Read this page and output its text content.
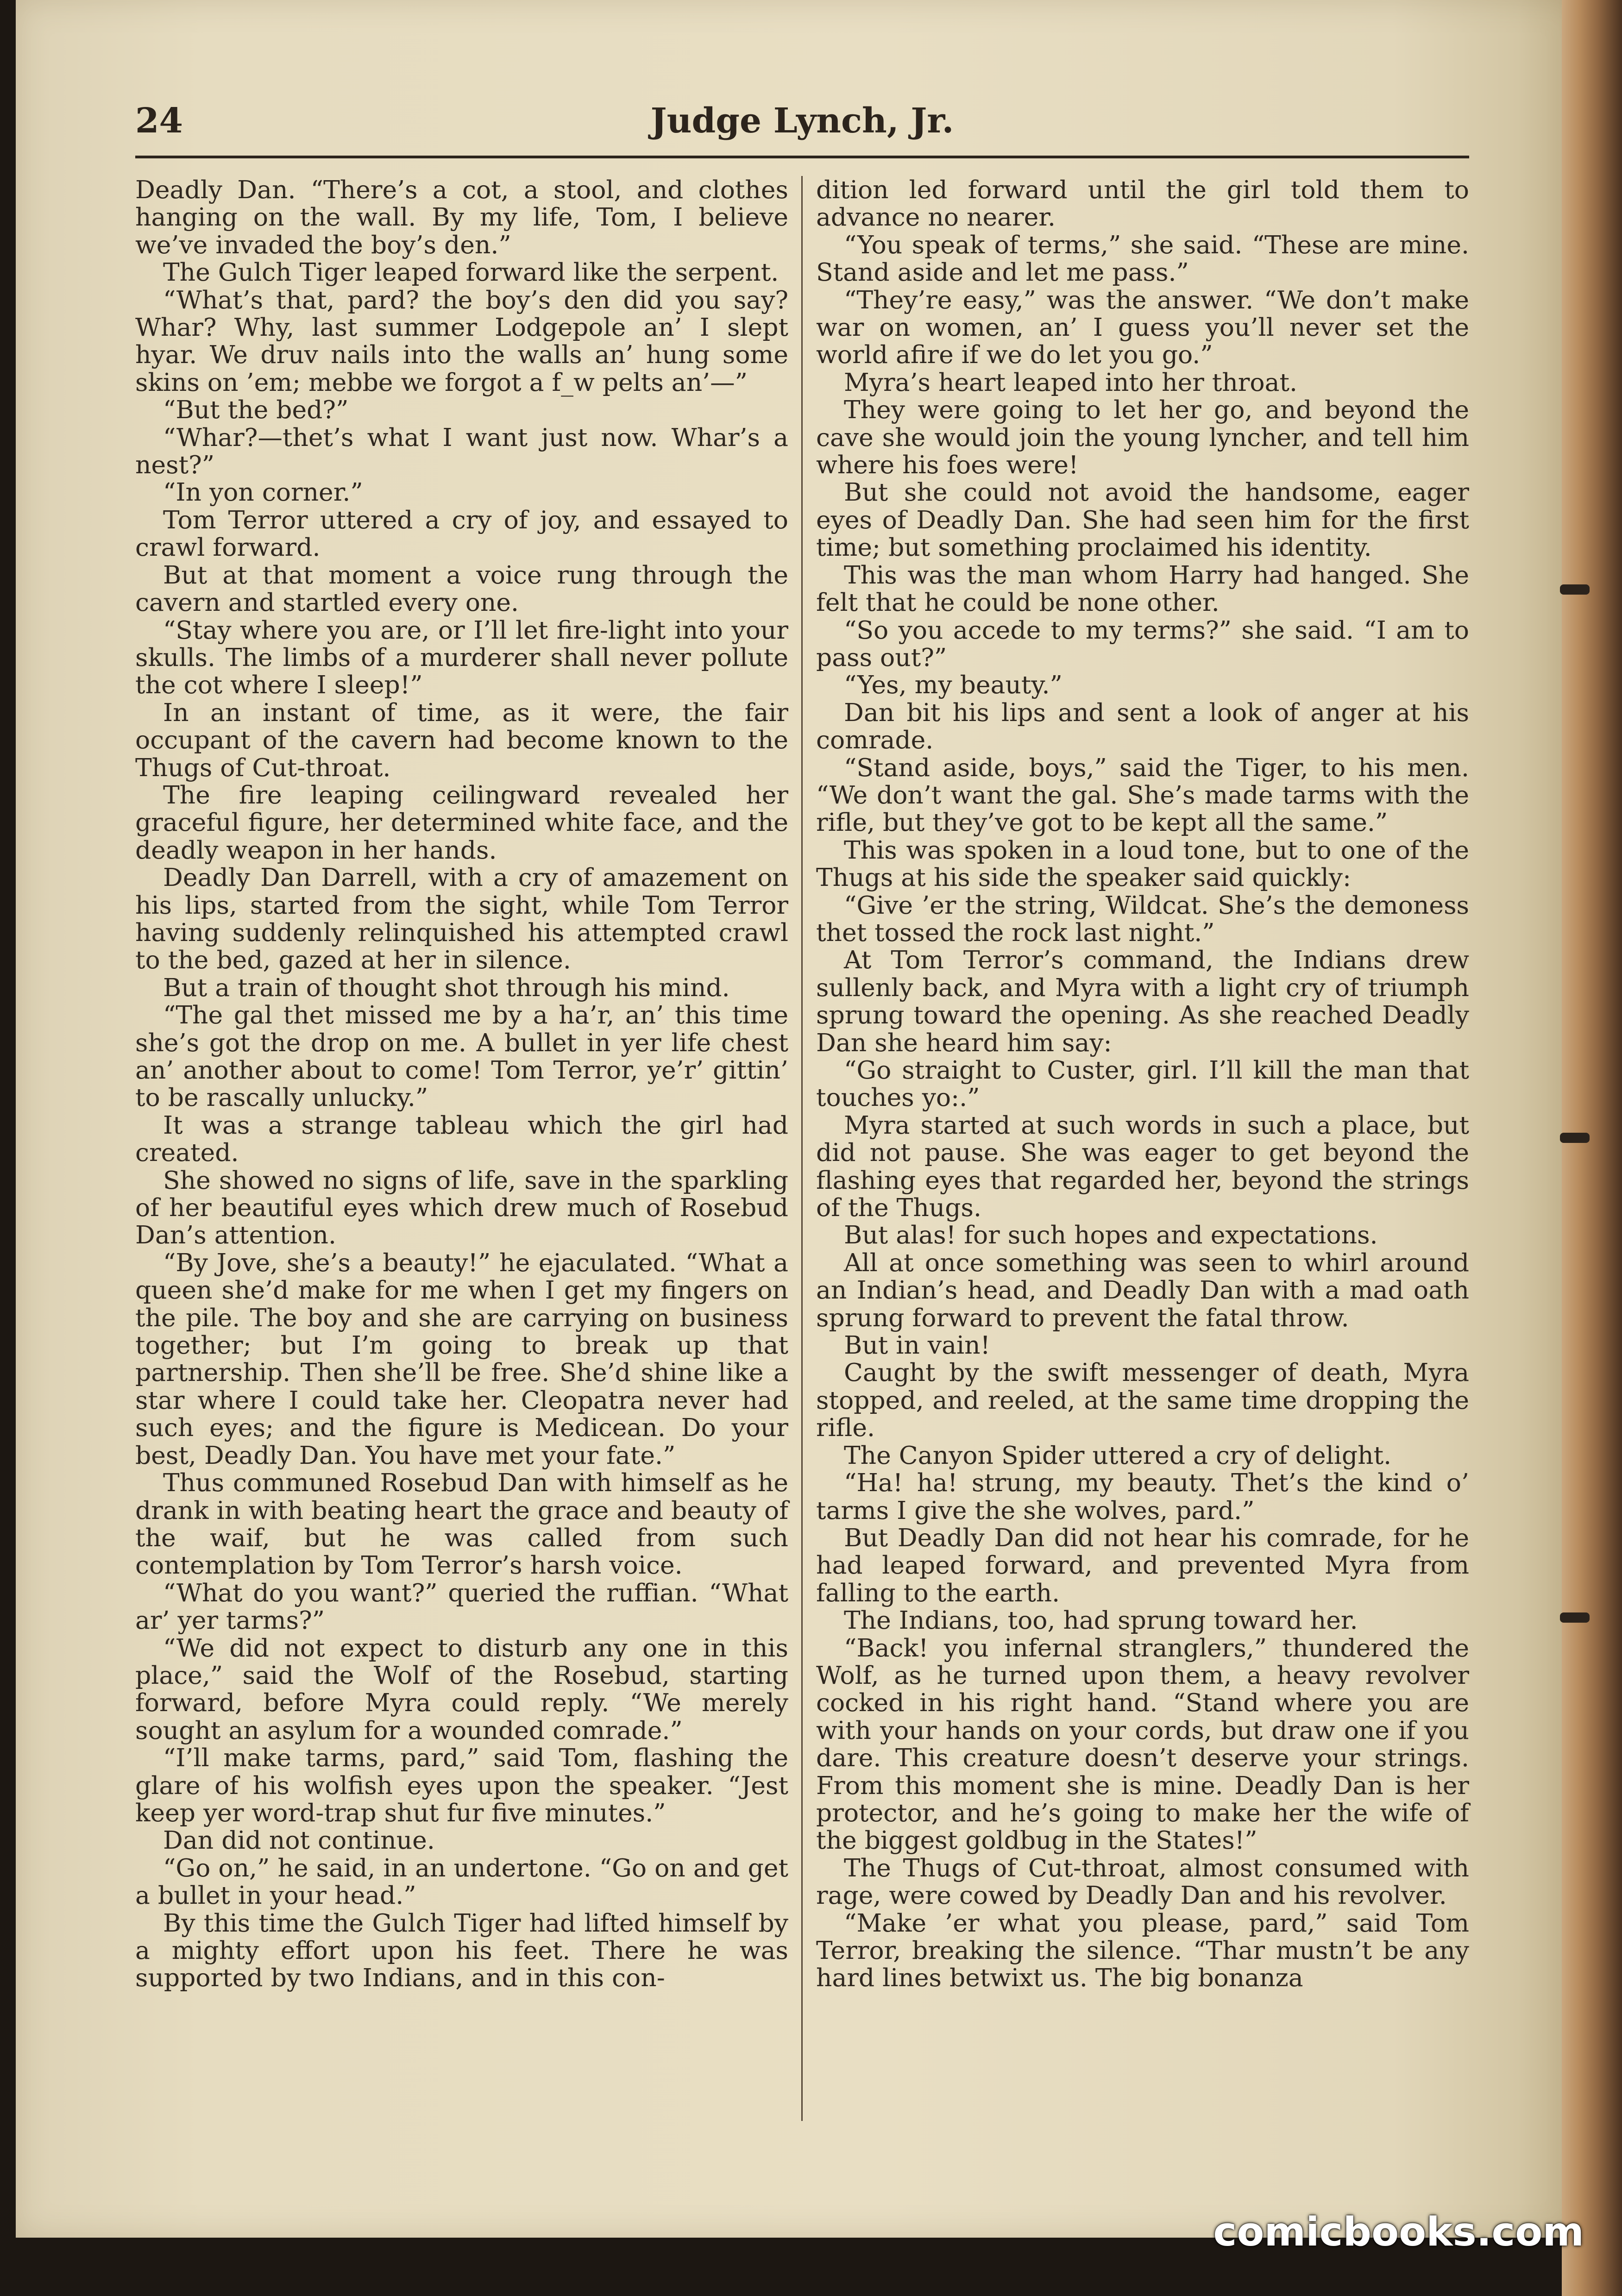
24	Judge Lynch, Jr.

Deadly Dan. “There’s a cot, a stool, and clothes hanging on the wall. By my life, Tom, I believe we’ve invaded the boy’s den.”

The Gulch Tiger leaped forward like the serpent.

“What’s that, pard? the boy’s den did you say? Whar? Why, last summer Lodgepole an’ I slept hyar. We druv nails into the walls an’ hung some skins on ’em; mebbe we forgot a f_w pelts an’—”

“But the bed?”

“Whar?—thet’s what I want just now. Whar’s a nest?”

“In yon corner.”

Tom Terror uttered a cry of joy, and essayed to crawl forward.

But at that moment a voice rung through the cavern and startled every one.

“Stay where you are, or I’ll let fire-light into your skulls. The limbs of a murderer shall never pollute the cot where I sleep!”

In an instant of time, as it were, the fair occupant of the cavern had become known to the Thugs of Cut-throat.

The fire leaping ceilingward revealed her graceful figure, her determined white face, and the deadly weapon in her hands.

Deadly Dan Darrell, with a cry of amazement on his lips, started from the sight, while Tom Terror having suddenly relinquished his attempted crawl to the bed, gazed at her in silence.

But a train of thought shot through his mind.

“The gal thet missed me by a ha’r, an’ this time she’s got the drop on me. A bullet in yer life chest an’ another about to come! Tom Terror, ye’r’ gittin’ to be rascally unlucky.”

It was a strange tableau which the girl had created.

She showed no signs of life, save in the sparkling of her beautiful eyes which drew much of Rosebud Dan’s attention.

“By Jove, she’s a beauty!” he ejaculated. “What a queen she’d make for me when I get my fingers on the pile. The boy and she are carrying on business together; but I’m going to break up that partnership. Then she’ll be free. She’d shine like a star where I could take her. Cleopatra never had such eyes; and the figure is Medicean. Do your best, Deadly Dan. You have met your fate.”

Thus communed Rosebud Dan with himself as he drank in with beating heart the grace and beauty of the waif, but he was called from such contemplation by Tom Terror’s harsh voice.

“What do you want?” queried the ruffian. “What ar’ yer tarms?”

“We did not expect to disturb any one in this place,” said the Wolf of the Rosebud, starting forward, before Myra could reply. “We merely sought an asylum for a wounded comrade.”

“I’ll make tarms, pard,” said Tom, flashing the glare of his wolfish eyes upon the speaker. “Jest keep yer word-trap shut fur five minutes.”

Dan did not continue.

“Go on,” he said, in an undertone. “Go on and get a bullet in your head.”

By this time the Gulch Tiger had lifted himself by a mighty effort upon his feet. There he was supported by two Indians, and in this con-

dition led forward until the girl told them to advance no nearer.

“You speak of terms,” she said. “These are mine. Stand aside and let me pass.”

“They’re easy,” was the answer. “We don’t make war on women, an’ I guess you’ll never set the world afire if we do let you go.”

Myra’s heart leaped into her throat.

They were going to let her go, and beyond the cave she would join the young lyncher, and tell him where his foes were!

But she could not avoid the handsome, eager eyes of Deadly Dan. She had seen him for the first time; but something proclaimed his identity.

This was the man whom Harry had hanged. She felt that he could be none other.

“So you accede to my terms?” she said. “I am to pass out?”

“Yes, my beauty.”

Dan bit his lips and sent a look of anger at his comrade.

“Stand aside, boys,” said the Tiger, to his men. “We don’t want the gal. She’s made tarms with the rifle, but they’ve got to be kept all the same.”

This was spoken in a loud tone, but to one of the Thugs at his side the speaker said quickly:

“Give ’er the string, Wildcat. She’s the demoness thet tossed the rock last night.”

At Tom Terror’s command, the Indians drew sullenly back, and Myra with a light cry of triumph sprung toward the opening. As she reached Deadly Dan she heard him say:

“Go straight to Custer, girl. I’ll kill the man that touches yo:.”

Myra started at such words in such a place, but did not pause. She was eager to get beyond the flashing eyes that regarded her, beyond the strings of the Thugs.

But alas! for such hopes and expectations.

All at once something was seen to whirl around an Indian’s head, and Deadly Dan with a mad oath sprung forward to prevent the fatal throw.

But in vain!

Caught by the swift messenger of death, Myra stopped, and reeled, at the same time dropping the rifle.

The Canyon Spider uttered a cry of delight.

“Ha! ha! strung, my beauty. Thet’s the kind o’ tarms I give the she wolves, pard.”

But Deadly Dan did not hear his comrade, for he had leaped forward, and prevented Myra from falling to the earth.

The Indians, too, had sprung toward her.

“Back! you infernal stranglers,” thundered the Wolf, as he turned upon them, a heavy revolver cocked in his right hand. “Stand where you are with your hands on your cords, but draw one if you dare. This creature doesn’t deserve your strings. From this moment she is mine. Deadly Dan is her protector, and he’s going to make her the wife of the biggest goldbug in the States!”

The Thugs of Cut-throat, almost consumed with rage, were cowed by Deadly Dan and his revolver.

“Make ’er what you please, pard,” said Tom Terror, breaking the silence. “Thar mustn’t be any hard lines betwixt us. The big bonanza

comicbooks.com
